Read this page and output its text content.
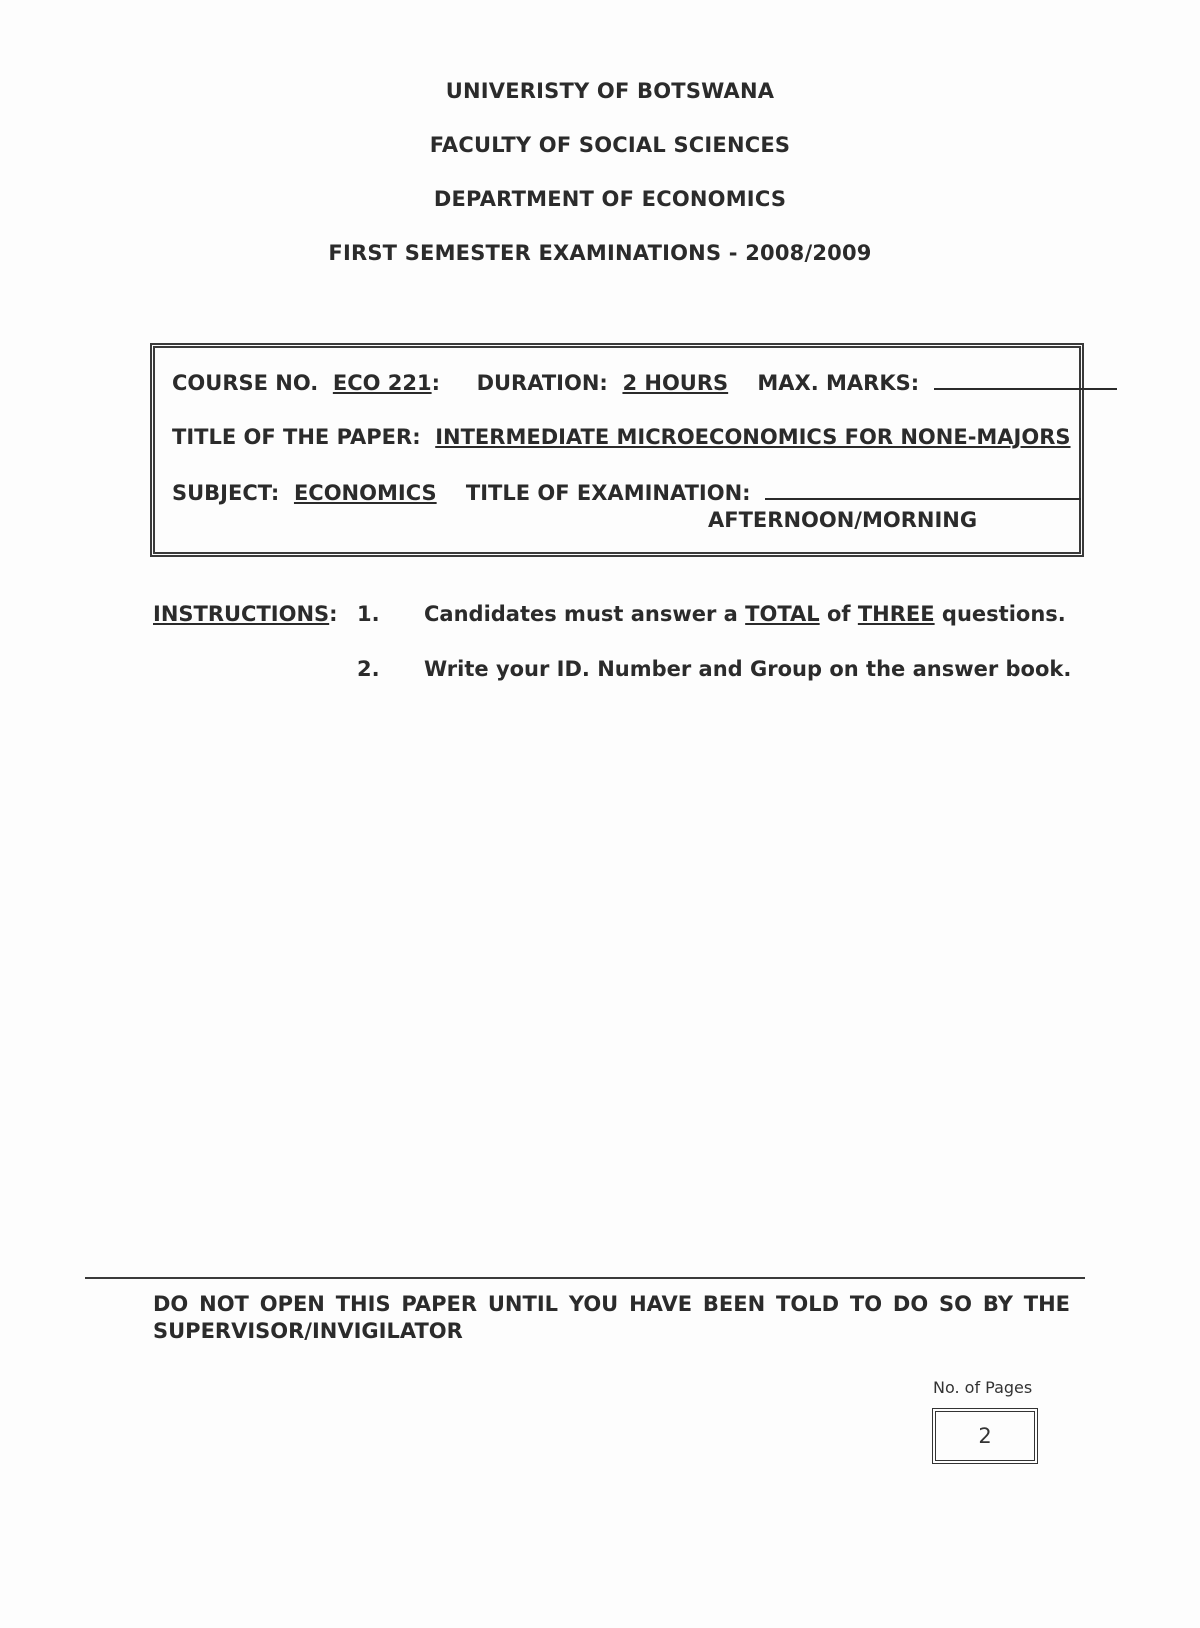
UNIVERISTY OF BOTSWANA
FACULTY OF SOCIAL SCIENCES
DEPARTMENT OF ECONOMICS
FIRST SEMESTER EXAMINATIONS - 2008/2009
COURSE NO. ECO 221: DURATION: 2 HOURS MAX. MARKS:
TITLE OF THE PAPER: INTERMEDIATE MICROECONOMICS FOR NONE-MAJORS
SUBJECT: ECONOMICS TITLE OF EXAMINATION:
AFTERNOON/MORNING
INSTRUCTIONS: 1. Candidates must answer a TOTAL of THREE questions.
2. Write your ID. Number and Group on the answer book.
DO NOT OPEN THIS PAPER UNTIL YOU HAVE BEEN TOLD TO DO SO BY THE SUPERVISOR/INVIGILATOR
No. of Pages
2
